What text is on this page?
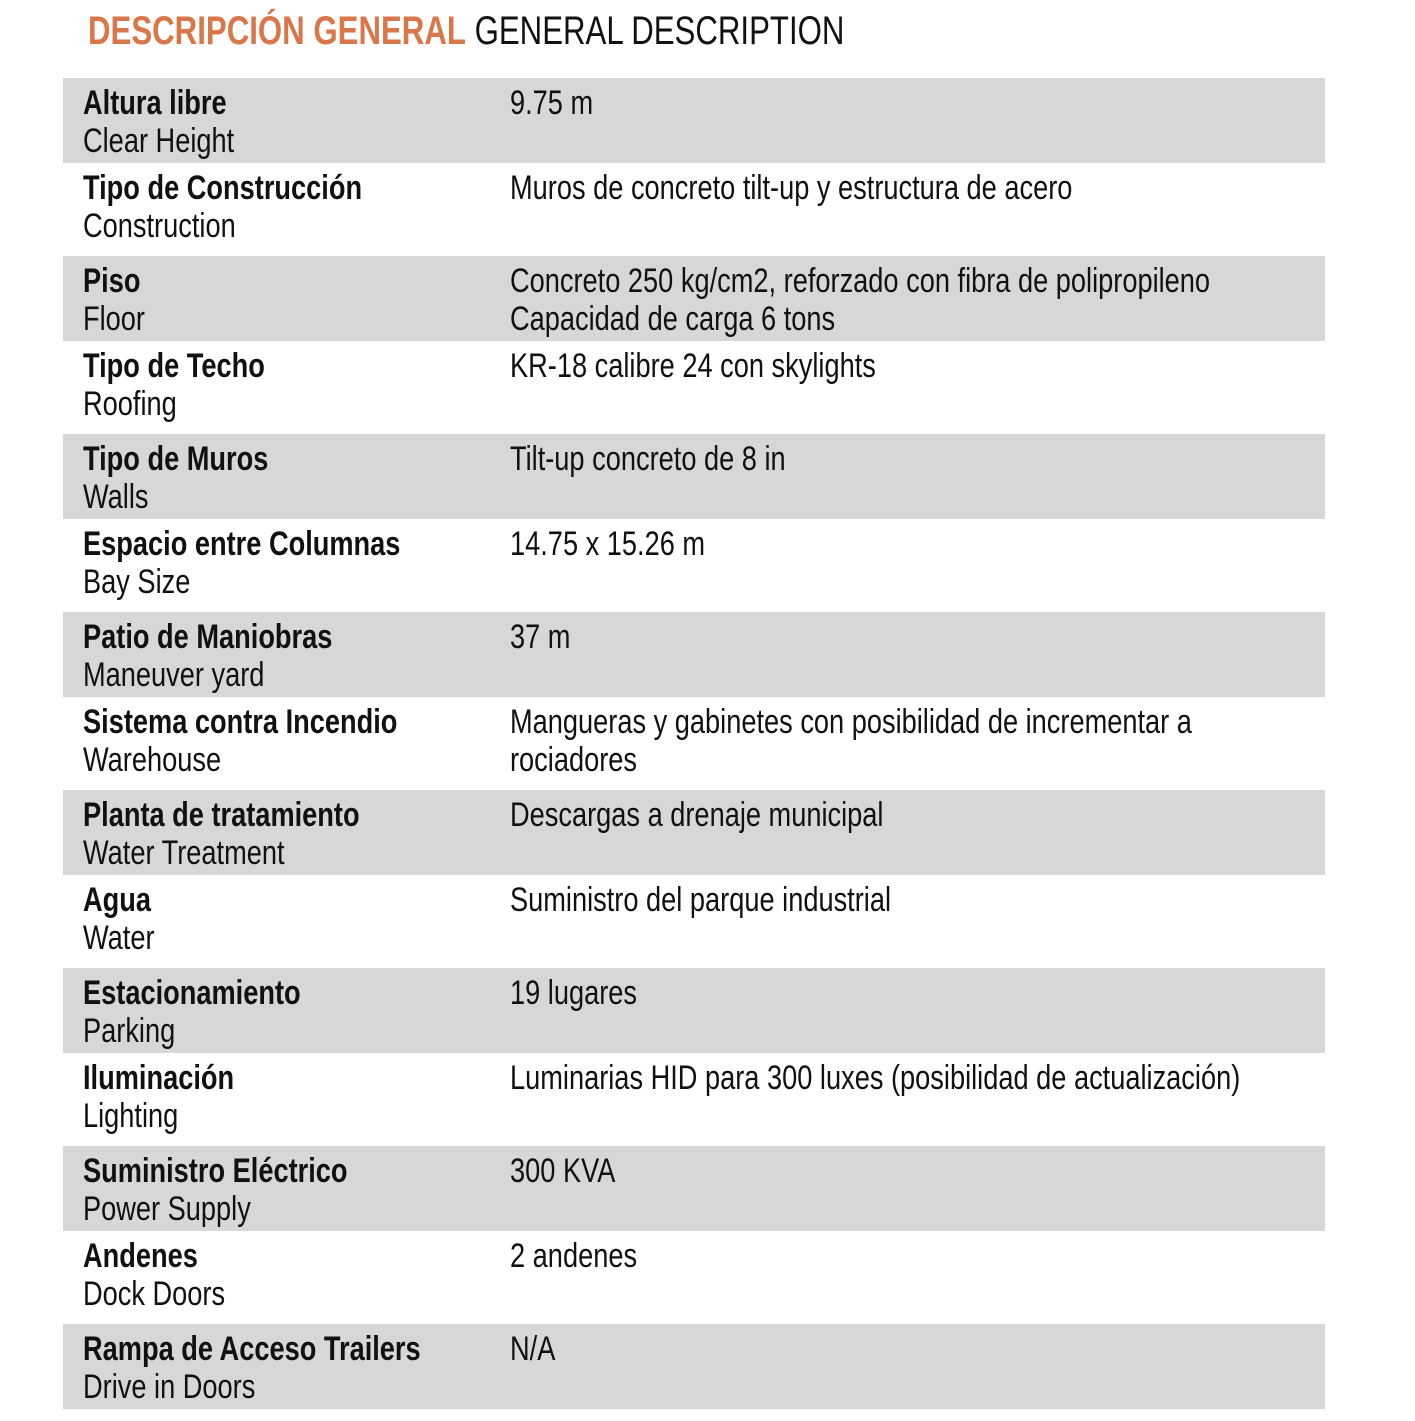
DESCRIPCIÓN GENERAL GENERAL DESCRIPTION
Altura libre
Clear Height
9.75 m
Tipo de Construcción
Construction
Muros de concreto tilt-up y estructura de acero
Piso
Floor
Concreto 250 kg/cm2, reforzado con fibra de polipropileno Capacidad de carga 6 tons
Tipo de Techo
Roofing
KR-18 calibre 24 con skylights
Tipo de Muros
Walls
Tilt-up concreto de 8 in
Espacio entre Columnas
Bay Size
14.75 x 15.26 m
Patio de Maniobras
Maneuver yard
37 m
Sistema contra Incendio
Warehouse
Mangueras y gabinetes con posibilidad de incrementar a rociadores
Planta de tratamiento
Water Treatment
Descargas a drenaje municipal
Agua
Water
Suministro del parque industrial
Estacionamiento
Parking
19 lugares
Iluminación
Lighting
Luminarias HID para 300 luxes (posibilidad de actualización)
Suministro Eléctrico
Power Supply
300 KVA
Andenes
Dock Doors
2 andenes
Rampa de Acceso Trailers
Drive in Doors
N/A
